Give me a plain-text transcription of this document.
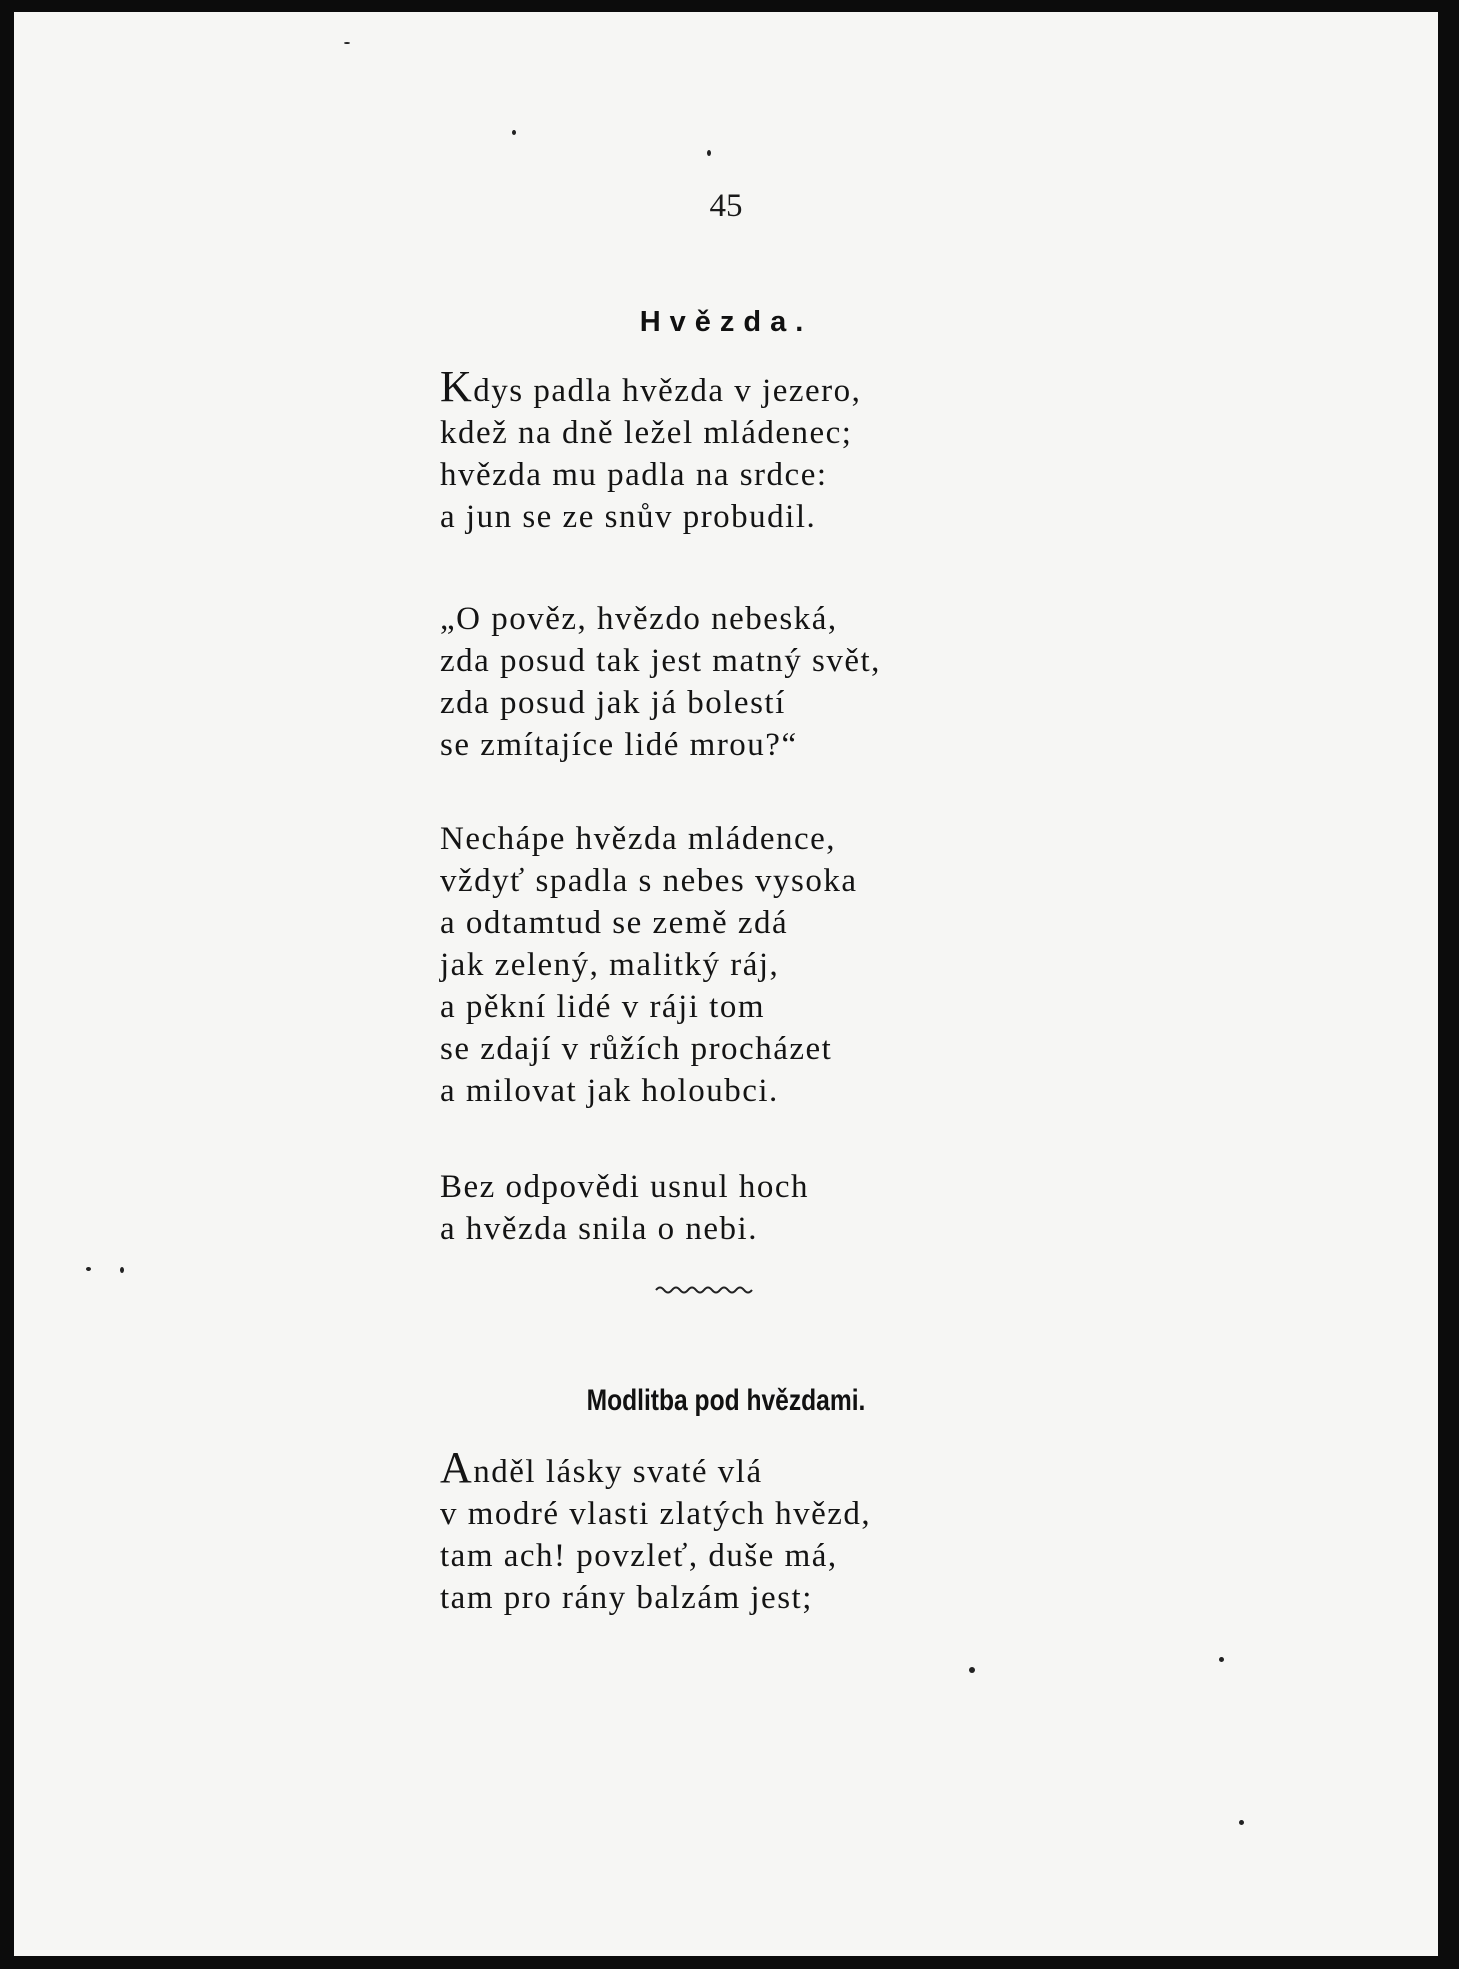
45
Hvězda.
Kdys padla hvězda v jezero,
kdež na dně ležel mládenec;
hvězda mu padla na srdce:
a jun se ze snův probudil.
„O pověz, hvězdo nebeská,
zda posud tak jest matný svět,
zda posud jak já bolestí
se zmítajíce lidé mrou?“
Nechápe hvězda mládence,
vždyť spadla s nebes vysoka
a odtamtud se země zdá
jak zelený, malitký ráj,
a pěkní lidé v ráji tom
se zdají v růžích procházet
a milovat jak holoubci.
Bez odpovědi usnul hoch
a hvězda snila o nebi.
Modlitba pod hvězdami.
Anděl lásky svaté vlá
v modré vlasti zlatých hvězd,
tam ach! povzleť, duše má,
tam pro rány balzám jest;
